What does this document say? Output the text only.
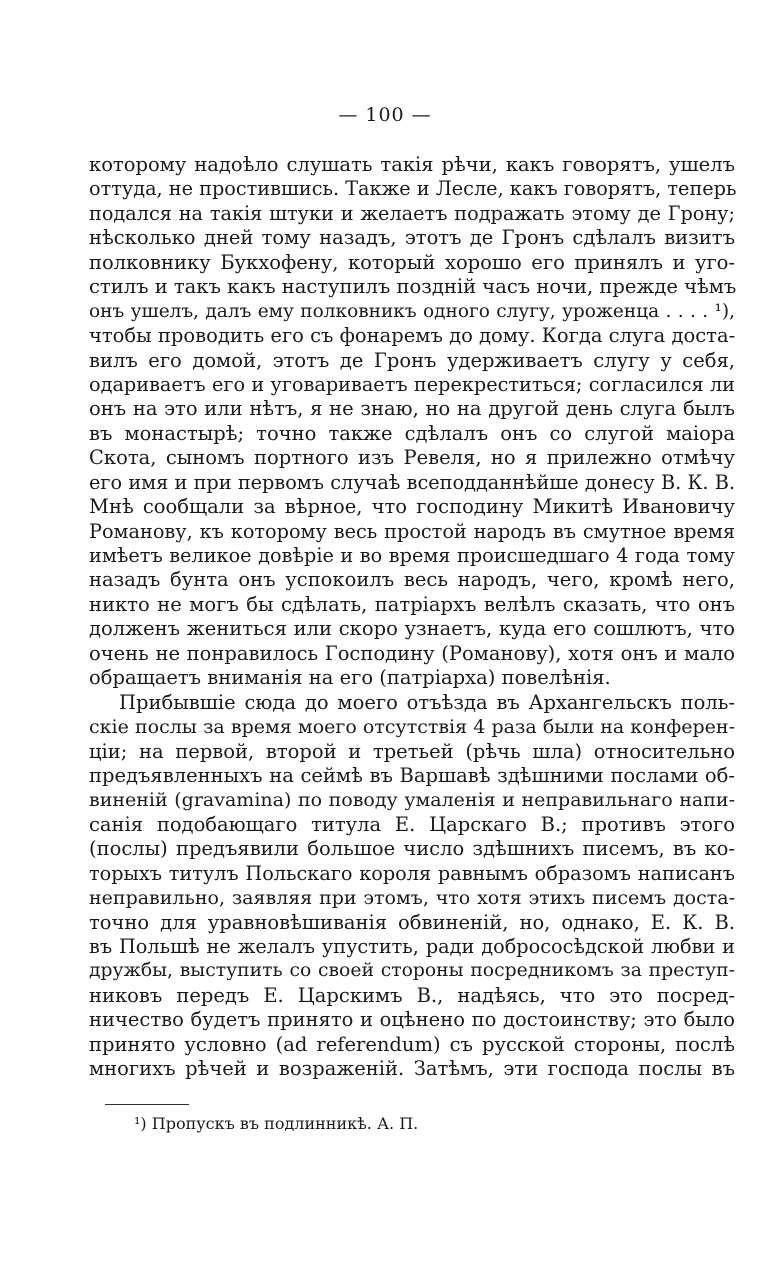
— 100 —
которому надоѣло слушать такія рѣчи, какъ говорятъ, ушелъ
оттуда, не простившись. Также и Лесле, какъ говорятъ, теперь
подался на такія штуки и желаетъ подражать этому де Грону;
нѣсколько дней тому назадъ, этотъ де Гронъ сдѣлалъ визитъ
полковнику Букхофену, который хорошо его принялъ и уго-
стилъ и такъ какъ наступилъ поздній часъ ночи, прежде чѣмъ
онъ ушелъ, далъ ему полковникъ одного слугу, уроженца . . . . ¹),
чтобы проводить его съ фонаремъ до дому. Когда слуга доста-
вилъ его домой, этотъ де Гронъ удерживаетъ слугу у себя,
одариваетъ его и уговариваетъ перекреститься; согласился ли
онъ на это или нѣтъ, я не знаю, но на другой день слуга былъ
въ монастырѣ; точно также сдѣлалъ онъ со слугой маіора
Скота, сыномъ портного изъ Ревеля, но я прилежно отмѣчу
его имя и при первомъ случаѣ всеподданнѣйше донесу В. К. В.
Мнѣ сообщали за вѣрное, что господину Микитѣ Ивановичу
Романову, къ которому весь простой народъ въ смутное время
имѣетъ великое довѣріе и во время происшедшаго 4 года тому
назадъ бунта онъ успокоилъ весь народъ, чего, кромѣ него,
никто не могъ бы сдѣлать, патріархъ велѣлъ сказать, что онъ
долженъ жениться или скоро узнаетъ, куда его сошлютъ, что
очень не понравилось Господину (Романову), хотя онъ и мало
обращаетъ вниманія на его (патріарха) повелѣнія.
Прибывшіе сюда до моего отъѣзда въ Архангельскъ поль-
скіе послы за время моего отсутствія 4 раза были на конферен-
ціи; на первой, второй и третьей (рѣчь шла) относительно
предъявленныхъ на сеймѣ въ Варшавѣ здѣшними послами об-
виненій (gravamina) по поводу умаленія и неправильнаго напи-
санія подобающаго титула Е. Царскаго В.; противъ этого
(послы) предъявили большое число здѣшнихъ писемъ, въ ко-
торыхъ титулъ Польскаго короля равнымъ образомъ написанъ
неправильно, заявляя при этомъ, что хотя этихъ писемъ доста-
точно для уравновѣшиванія обвиненій, но, однако, Е. К. В.
въ Польшѣ не желалъ упустить, ради добрососѣдской любви и
дружбы, выступить со своей стороны посредникомъ за преступ-
никовъ передъ Е. Царскимъ В., надѣясь, что это посред-
ничество будетъ принято и оцѣнено по достоинству; это было
принято условно (ad referendum) съ русской стороны, послѣ
многихъ рѣчей и возраженій. Затѣмъ, эти господа послы въ
¹) Пропускъ въ подлинникѣ. А. П.
